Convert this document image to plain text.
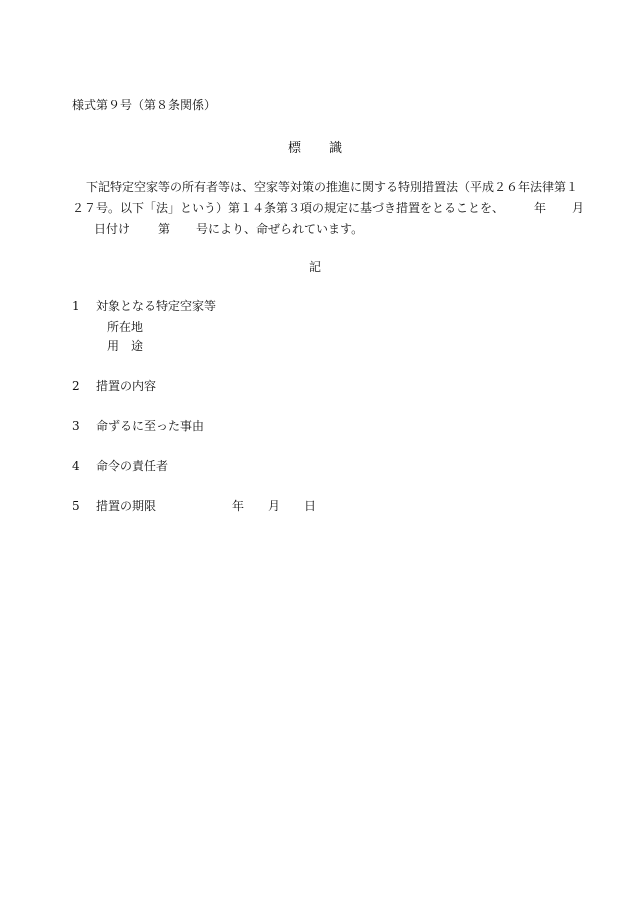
様式第９号（第８条関係）
標 識
下記特定空家等の所有者等は、空家等対策の推進に関する特別措置法（平成２６年法律第１
２７号。以下「法」という）第１４条第３項の規定に基づき措置をとることを、	年 月
日付け 第 号により、命ぜられています。
記
1 対象となる特定空家等
所在地
用　途
2 措置の内容
3 命ずるに至った事由
4 命令の責任者
5 措置の期限	年 月 日
